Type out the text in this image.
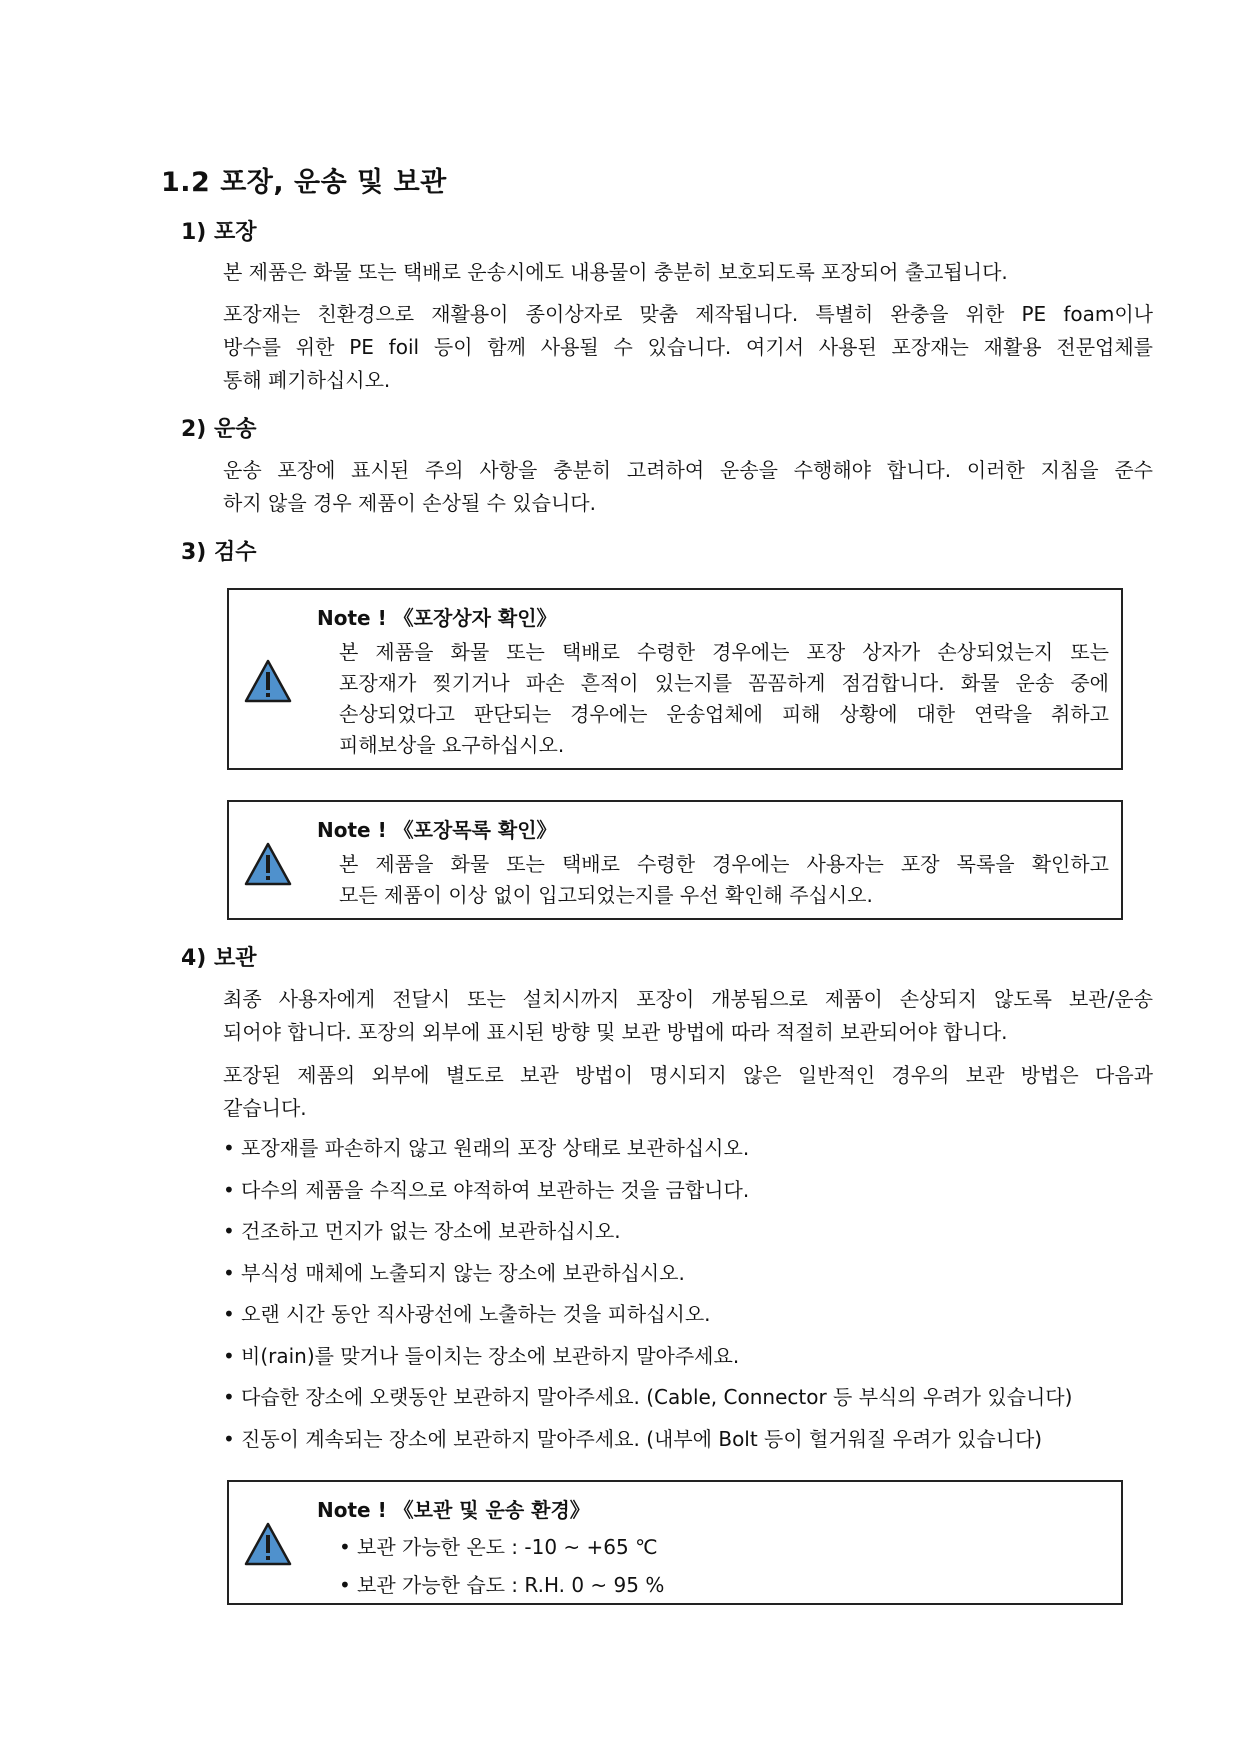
1.2 포장, 운송 및 보관
1) 포장
본 제품은 화물 또는 택배로 운송시에도 내용물이 충분히 보호되도록 포장되어 출고됩니다.
포장재는 친환경으로 재활용이 종이상자로 맞춤 제작됩니다. 특별히 완충을 위한 PE foam이나
방수를 위한 PE foil 등이 함께 사용될 수 있습니다. 여기서 사용된 포장재는 재활용 전문업체를
통해 폐기하십시오.
2) 운송
운송 포장에 표시된 주의 사항을 충분히 고려하여 운송을 수행해야 합니다. 이러한 지침을 준수
하지 않을 경우 제품이 손상될 수 있습니다.
3) 검수
Note ! 《포장상자 확인》
본 제품을 화물 또는 택배로 수령한 경우에는 포장 상자가 손상되었는지 또는
포장재가 찢기거나 파손 흔적이 있는지를 꼼꼼하게 점검합니다. 화물 운송 중에
손상되었다고 판단되는 경우에는 운송업체에 피해 상황에 대한 연락을 취하고
피해보상을 요구하십시오.
Note ! 《포장목록 확인》
본 제품을 화물 또는 택배로 수령한 경우에는 사용자는 포장 목록을 확인하고
모든 제품이 이상 없이 입고되었는지를 우선 확인해 주십시오.
4) 보관
최종 사용자에게 전달시 또는 설치시까지 포장이 개봉됨으로 제품이 손상되지 않도록 보관/운송
되어야 합니다. 포장의 외부에 표시된 방향 및 보관 방법에 따라 적절히 보관되어야 합니다.
포장된 제품의 외부에 별도로 보관 방법이 명시되지 않은 일반적인 경우의 보관 방법은 다음과
같습니다.
• 포장재를 파손하지 않고 원래의 포장 상태로 보관하십시오.
• 다수의 제품을 수직으로 야적하여 보관하는 것을 금합니다.
• 건조하고 먼지가 없는 장소에 보관하십시오.
• 부식성 매체에 노출되지 않는 장소에 보관하십시오.
• 오랜 시간 동안 직사광선에 노출하는 것을 피하십시오.
• 비(rain)를 맞거나 들이치는 장소에 보관하지 말아주세요.
• 다습한 장소에 오랫동안 보관하지 말아주세요. (Cable, Connector 등 부식의 우려가 있습니다)
• 진동이 계속되는 장소에 보관하지 말아주세요. (내부에 Bolt 등이 헐거워질 우려가 있습니다)
Note ! 《보관 및 운송 환경》
• 보관 가능한 온도 : -10 ~ +65 ℃
• 보관 가능한 습도 : R.H. 0 ~ 95 %
